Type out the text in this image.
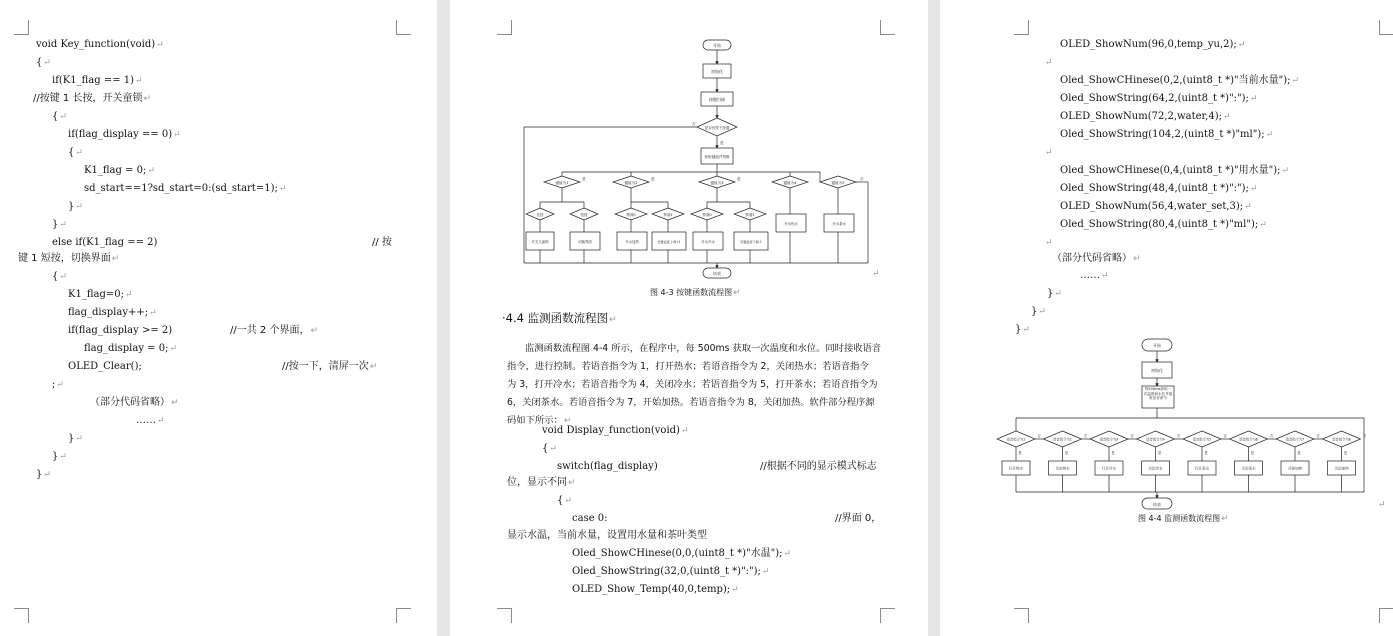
void Key_function(void)↵
{↵
if(K1_flag == 1)↵
//按键 1 长按，开关童锁↵
{↵
if(flag_display == 0)↵
{↵
K1_flag = 0;↵
sd_start==1?sd_start=0:(sd_start=1);↵
}↵
}↵
else if(K1_flag == 2)	// 按
键 1 短按，切换界面↵
{↵
K1_flag=0;↵
flag_display++;↵
if(flag_display >= 2)	//一共 2 个界面，↵
flag_display = 0;↵
OLED_Clear();	//按一下，清屏一次↵
;↵
（部分代码省略）↵
……↵
}↵
}↵
}↵
开始
初始化
按键扫描
是否有按下按键
获取键值并判断
键值为1	键值为2	键值为3	键值为4	键值为5
长按	短按	界面0	界面1	界面0	界面1
开关儿童锁	切换界面	开水加热	设置温度上调+1	开水冷水	设置温度下调-1
开水热水	开水茶水
结束
否
是
否
是	是	是
↵
图 4-3 按键函数流程图↵
·4.4 监测函数流程图↵
监测函数流程图 4-4 所示，在程序中，每 500ms 获取一次温度和水位。同时接收语音
指令，进行控制。若语音指令为 1，打开热水；若语音指令为 2，关闭热水；若语音指令
为 3，打开冷水；若语音指令为 4，关闭冷水；若语音指令为 5，打开茶水；若语音指令为
6，关闭茶水。若语音指令为 7，开始加热。若语音指令为 8，关闭加热。软件部分程序源
码如下所示：↵
void Display_function(void)↵
{↵
switch(flag_display)	//根据不同的显示模式标志
位，显示不同↵
{↵
case 0:	//界面 0，
显示水温，当前水量，设置用水量和茶叶类型
Oled_ShowCHinese(0,0,(uint8_t *)"水温");↵
Oled_ShowString(32,0,(uint8_t *)":");↵
OLED_Show_Temp(40,0,temp);↵
OLED_ShowNum(96,0,temp_yu,2);↵
↵
Oled_ShowCHinese(0,2,(uint8_t *)"当前水量");↵
Oled_ShowString(64,2,(uint8_t *)":");↵
OLED_ShowNum(72,2,water,4);↵
Oled_ShowString(104,2,(uint8_t *)"ml");↵
↵
Oled_ShowCHinese(0,4,(uint8_t *)"用水量");↵
Oled_ShowString(48,4,(uint8_t *)":");↵
OLED_ShowNum(56,4,water_set,3);↵
Oled_ShowString(80,4,(uint8_t *)"ml");↵
↵
（部分代码省略）↵
……↵
}↵
}↵
}↵
开始
初始化
结束
每500ms获取一次温度和水位并接收语音命令
语音指令为1
打开热水
是
否
语音指令为2
关闭热水
是
否
语音指令为3
打开冷水
是
否
语音指令为4
关闭冷水
是
否
语音指令为5
打开茶水
是
否
语音指令为6
关闭茶水
是
否
语音指令为7
开始加热
是
否
语音指令为8
关闭加热
是
否
↵
图 4-4 监测函数流程图↵
